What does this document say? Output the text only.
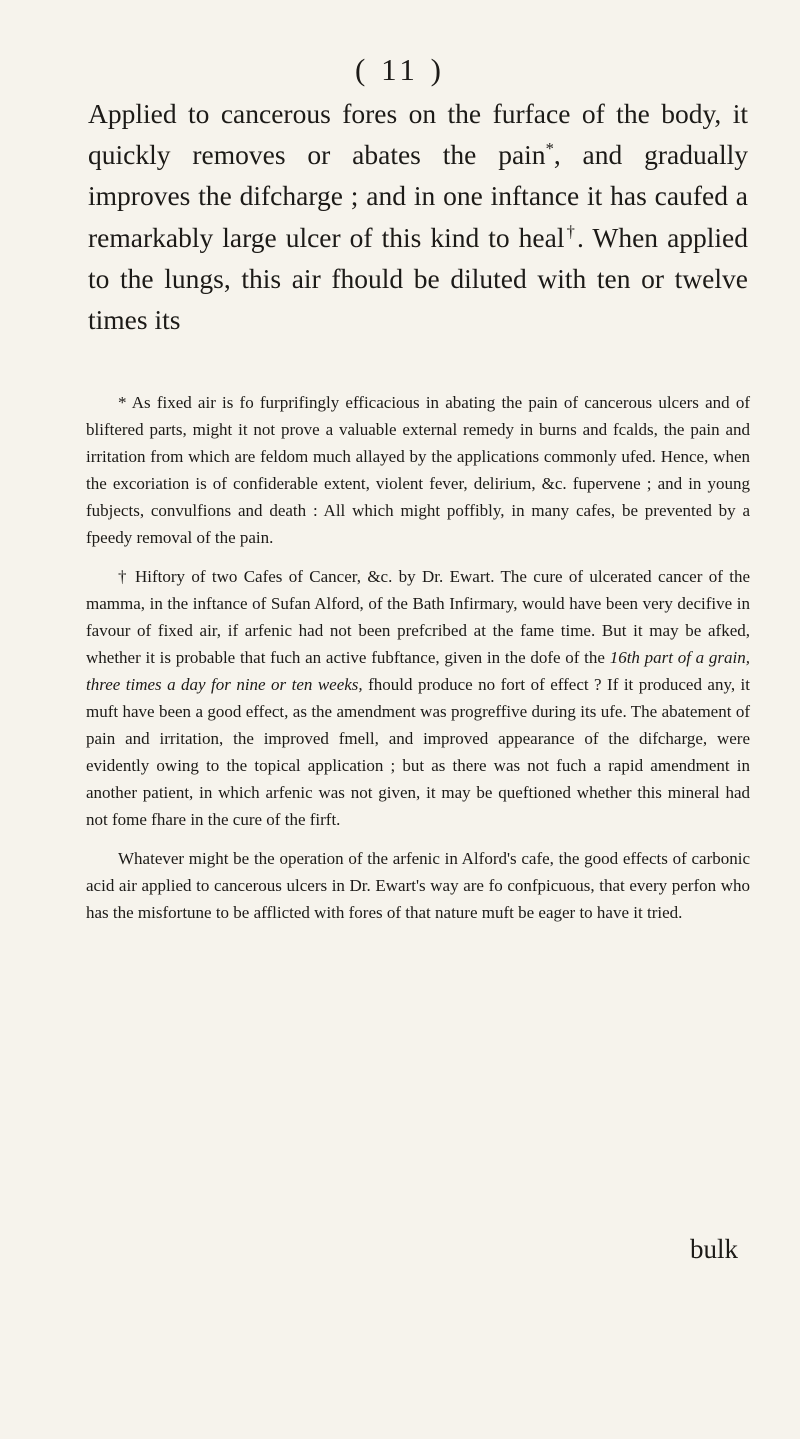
( 11 )

Applied to cancerous fores on the furface of the body, it quickly removes or abates the pain*, and gradually improves the difcharge ; and in one inftance it has caufed a remarkably large ulcer of this kind to heal†. When applied to the lungs, this air fhould be diluted with ten or twelve times its

* As fixed air is fo furprifingly efficacious in abating the pain of cancerous ulcers and of bliftered parts, might it not prove a valuable external remedy in burns and fcalds, the pain and irritation from which are feldom much allayed by the applications commonly ufed. Hence, when the excoriation is of confiderable extent, violent fever, delirium, &c. fupervene ; and in young fubjects, convulfions and death : All which might poffibly, in many cafes, be prevented by a fpeedy removal of the pain.

† Hiftory of two Cafes of Cancer, &c. by Dr. Ewart. The cure of ulcerated cancer of the mamma, in the inftance of Sufan Alford, of the Bath Infirmary, would have been very decifive in favour of fixed air, if arfenic had not been prefcribed at the fame time. But it may be afked, whether it is probable that fuch an active fubftance, given in the dofe of the 16th part of a grain, three times a day for nine or ten weeks, fhould produce no fort of effect ? If it produced any, it muft have been a good effect, as the amendment was progreffive during its ufe. The abatement of pain and irritation, the improved fmell, and improved appearance of the difcharge, were evidently owing to the topical application ; but as there was not fuch a rapid amendment in another patient, in which arfenic was not given, it may be queftioned whether this mineral had not fome fhare in the cure of the firft.

Whatever might be the operation of the arfenic in Alford's cafe, the good effects of carbonic acid air applied to cancerous ulcers in Dr. Ewart's way are fo confpicuous, that every perfon who has the misfortune to be afflicted with fores of that nature muft be eager to have it tried.

bulk
